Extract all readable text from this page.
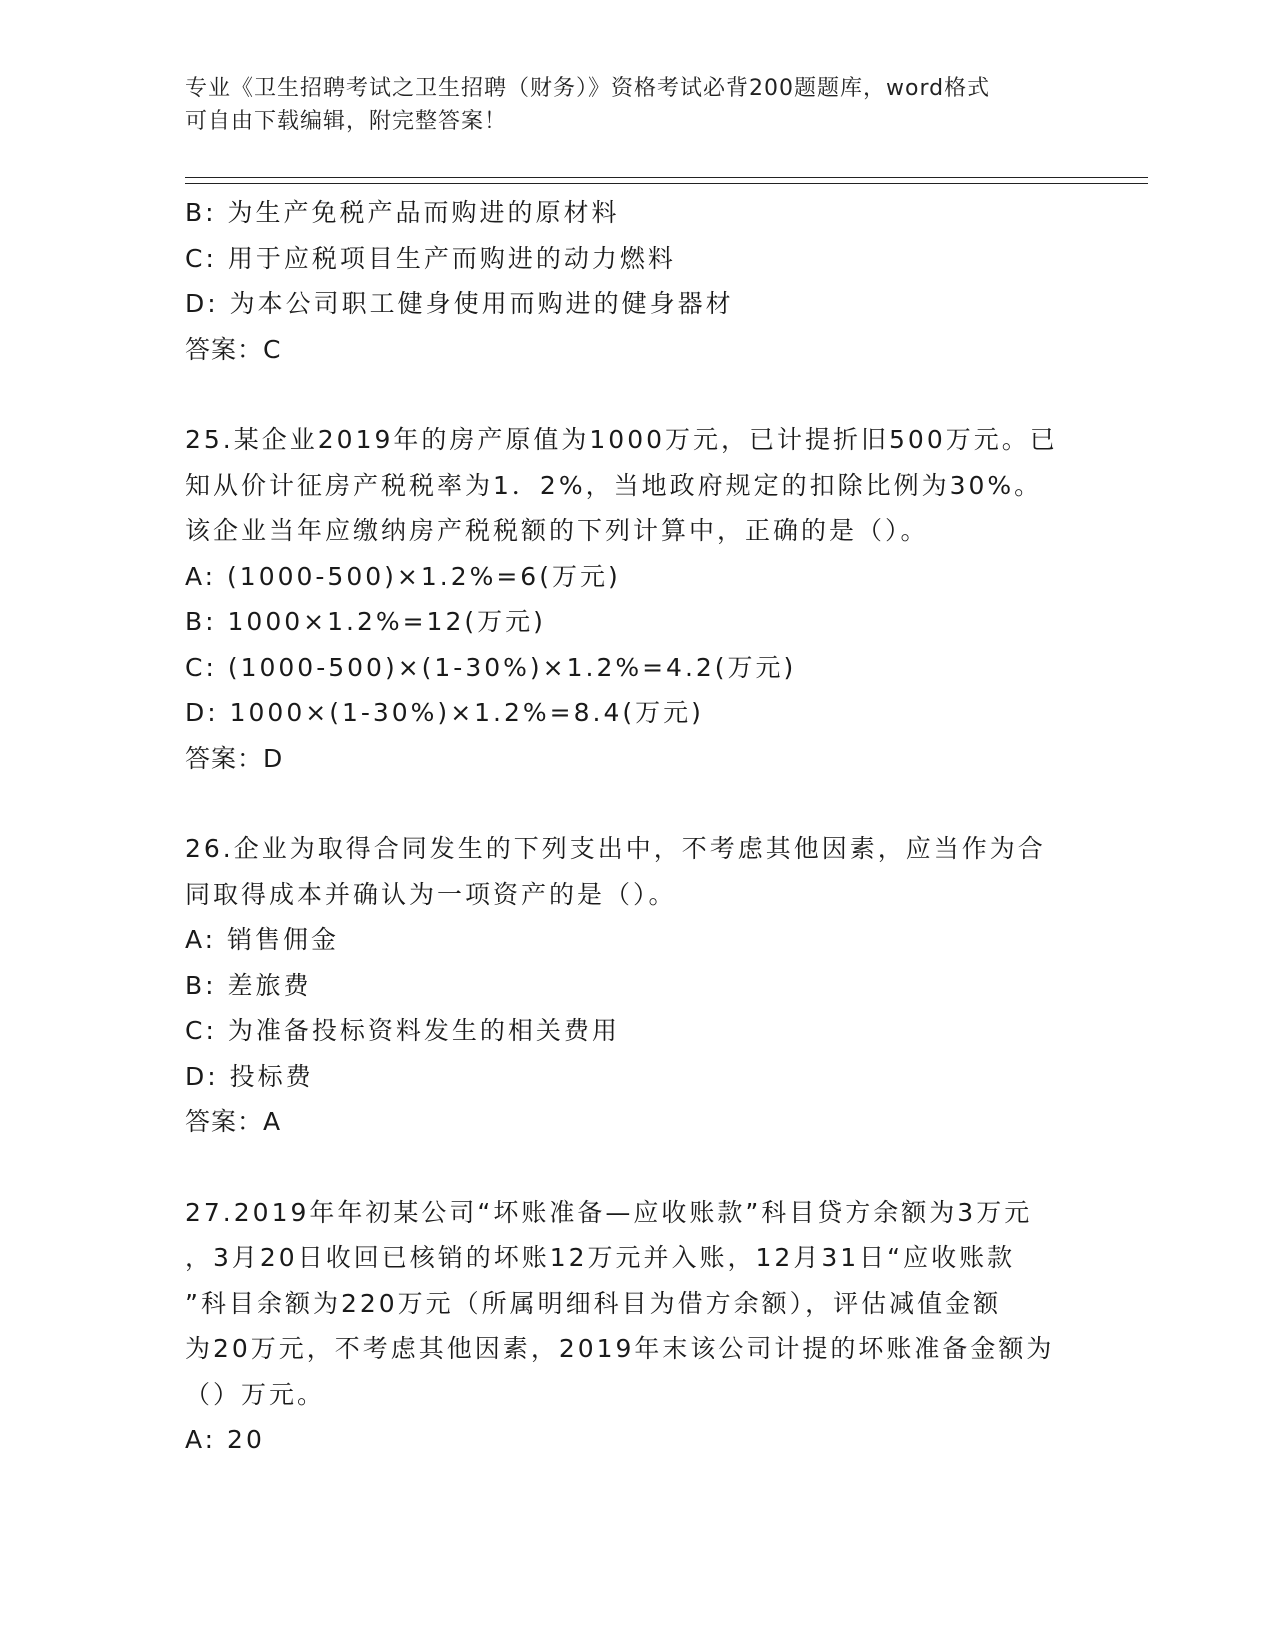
专业《卫生招聘考试之卫生招聘（财务）》资格考试必背200题题库，word格式
可自由下载编辑，附完整答案！
B: 为生产免税产品而购进的原材料
C: 用于应税项目生产而购进的动力燃料
D: 为本公司职工健身使用而购进的健身器材
答案：C
25.某企业2019年的房产原值为1000万元，已计提折旧500万元。已
知从价计征房产税税率为1．2%，当地政府规定的扣除比例为30%。
该企业当年应缴纳房产税税额的下列计算中，正确的是（）。
A: (1000-500)×1.2%=6(万元)
B: 1000×1.2%=12(万元)
C: (1000-500)×(1-30%)×1.2%=4.2(万元)
D: 1000×(1-30%)×1.2%=8.4(万元)
答案：D
26.企业为取得合同发生的下列支出中，不考虑其他因素，应当作为合
同取得成本并确认为一项资产的是（）。
A: 销售佣金
B: 差旅费
C: 为准备投标资料发生的相关费用
D: 投标费
答案：A
27.2019年年初某公司“坏账准备—应收账款”科目贷方余额为3万元
，3月20日收回已核销的坏账12万元并入账，12月31日“应收账款
”科目余额为220万元（所属明细科目为借方余额），评估减值金额
为20万元，不考虑其他因素，2019年末该公司计提的坏账准备金额为
（）万元。
A: 20
